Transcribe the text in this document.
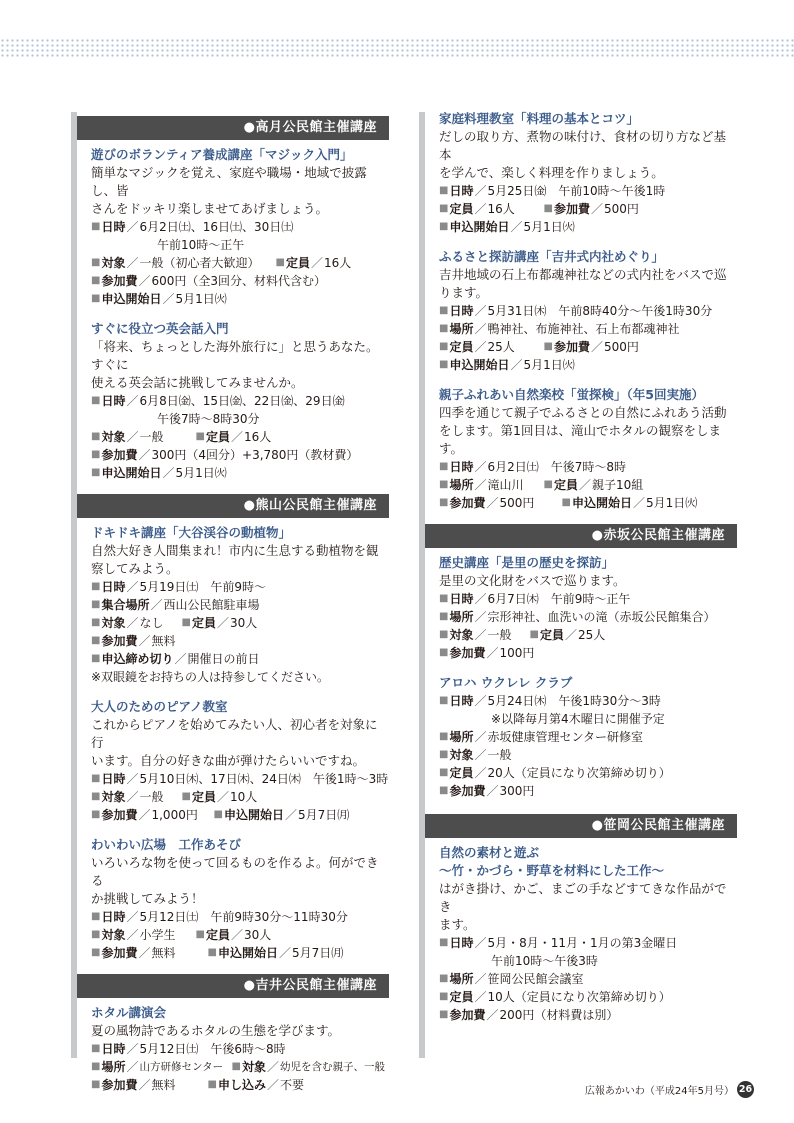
●高月公民館主催講座
遊びのボランティア養成講座「マジック入門」
簡単なマジックを覚え、家庭や職場・地域で披露し、皆
さんをドッキリ楽しませてあげましょう。
■ 日時 ／ 6月2日㈯、16日㈯、30日㈯
午前10時～正午
■ 対象 ／ 一般（初心者大歓迎）	■ 定員 ／ 16人
■ 参加費 ／ 600円（全3回分、材料代含む）
■ 申込開始日 ／ 5月1日㈫
すぐに役立つ英会話入門
「将来、ちょっとした海外旅行に」と思うあなた。すぐに
使える英会話に挑戦してみませんか。
■ 日時 ／ 6月8日㈮、15日㈮、22日㈮、29日㈮
午後7時～8時30分
■ 対象 ／ 一般	■ 定員 ／ 16人
■ 参加費 ／ 300円（4回分）+3,780円（教材費）
■ 申込開始日 ／ 5月1日㈫
●熊山公民館主催講座
ドキドキ講座「大谷渓谷の動植物」
自然大好き人間集まれ！市内に生息する動植物を観
察してみよう。
■ 日時 ／ 5月19日㈯　午前9時～
■ 集合場所 ／ 西山公民館駐車場
■ 対象 ／ なし	■ 定員 ／ 30人
■ 参加費 ／ 無料
■ 申込締め切り ／ 開催日の前日
※双眼鏡をお持ちの人は持参してください。
大人のためのピアノ教室
これからピアノを始めてみたい人、初心者を対象に行
います。自分の好きな曲が弾けたらいいですね。
■ 日時 ／ 5月10日㈭、17日㈭、24日㈭　午後1時～3時
■ 対象 ／ 一般	■ 定員 ／ 10人
■ 参加費 ／ 1,000円	■ 申込開始日 ／ 5月7日㈪
わいわい広場　工作あそび
いろいろな物を使って回るものを作るよ。何ができる
か挑戦してみよう！
■ 日時 ／ 5月12日㈯　午前9時30分～11時30分
■ 対象 ／ 小学生	■ 定員 ／ 30人
■ 参加費 ／ 無料	■ 申込開始日 ／ 5月7日㈪
●吉井公民館主催講座
ホタル講演会
夏の風物詩であるホタルの生態を学びます。
■ 日時 ／ 5月12日㈯　午後6時～8時
■ 場所 ／ 山方研修センター ■ 対象 ／ 幼児を含む親子、一般
■ 参加費 ／ 無料	■ 申し込み ／ 不要
家庭料理教室「料理の基本とコツ」
だしの取り方、煮物の味付け、食材の切り方など基本
を学んで、楽しく料理を作りましょう。
■ 日時 ／ 5月25日㈮　午前10時～午後1時
■ 定員 ／ 16人	■ 参加費 ／ 500円
■ 申込開始日 ／ 5月1日㈫
ふるさと探訪講座「吉井式内社めぐり」
吉井地域の石上布都魂神社などの式内社をバスで巡
ります。
■ 日時 ／ 5月31日㈭　午前8時40分～午後1時30分
■ 場所 ／ 鴨神社、布施神社、石上布都魂神社
■ 定員 ／ 25人	■ 参加費 ／ 500円
■ 申込開始日 ／ 5月1日㈫
親子ふれあい自然楽校「蛍探検」（年5回実施）
四季を通じて親子でふるさとの自然にふれあう活動
をします。第1回目は、滝山でホタルの観察をします。
■ 日時 ／ 6月2日㈯　午後7時～8時
■ 場所 ／ 滝山川	■ 定員 ／ 親子10組
■ 参加費 ／ 500円	■ 申込開始日 ／ 5月1日㈫
●赤坂公民館主催講座
歴史講座「是里の歴史を探訪」
是里の文化財をバスで巡ります。
■ 日時 ／ 6月7日㈭　午前9時～正午
■ 場所 ／ 宗形神社、血洗いの滝（赤坂公民館集合）
■ 対象 ／ 一般	■ 定員 ／ 25人
■ 参加費 ／ 100円
アロハ ウクレレ クラブ
■ 日時 ／ 5月24日㈭　午後1時30分～3時
※以降毎月第4木曜日に開催予定
■ 場所 ／ 赤坂健康管理センター研修室
■ 対象 ／ 一般
■ 定員 ／ 20人（定員になり次第締め切り）
■ 参加費 ／ 300円
●笹岡公民館主催講座
自然の素材と遊ぶ
～竹・かづら・野草を材料にした工作～
はがき掛け、かご、まごの手などすてきな作品ができ
ます。
■ 日時 ／ 5月・8月・11月・1月の第3金曜日
午前10時～午後3時
■ 場所 ／ 笹岡公民館会議室
■ 定員 ／ 10人（定員になり次第締め切り）
■ 参加費 ／ 200円（材料費は別）
広報あかいわ（平成24年5月号） 26
